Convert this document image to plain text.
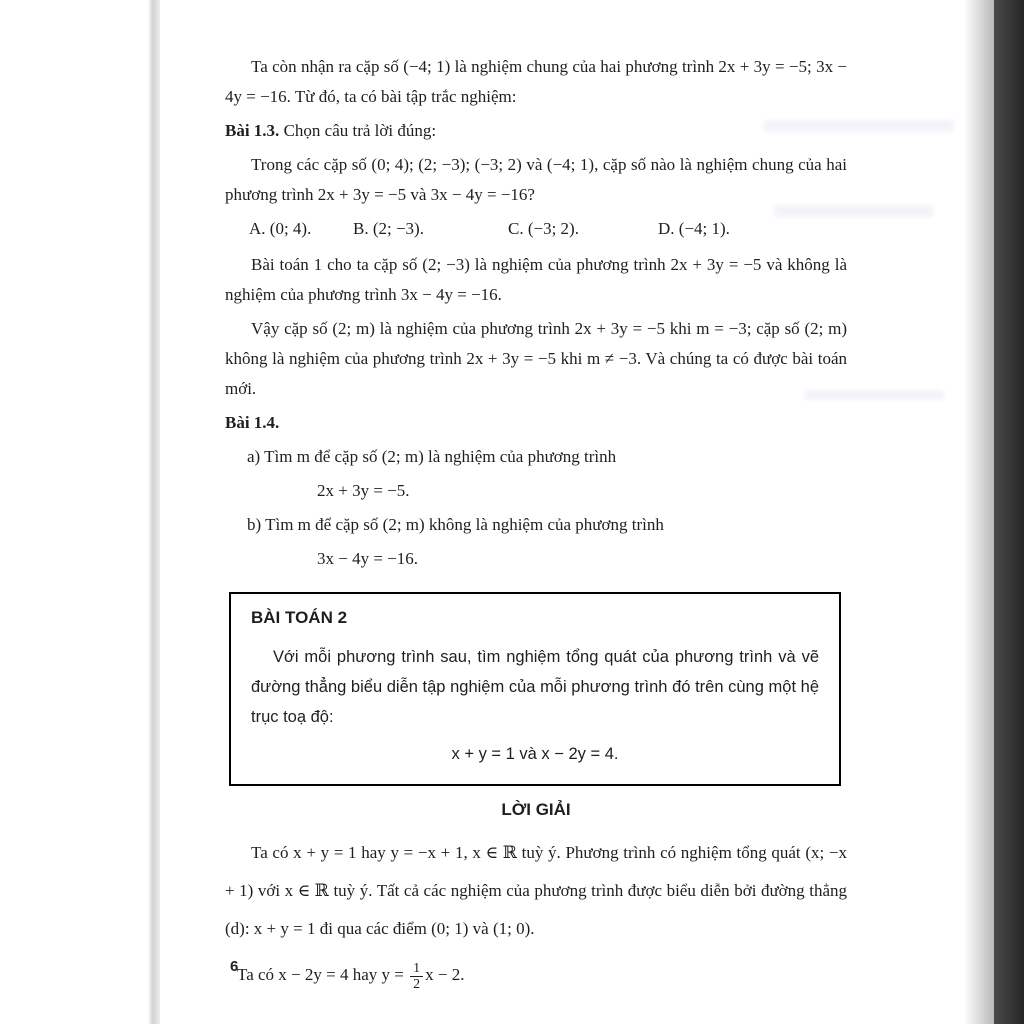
Ta còn nhận ra cặp số (−4; 1) là nghiệm chung của hai phương trình 2x + 3y = −5; 3x − 4y = −16. Từ đó, ta có bài tập trắc nghiệm:

Bài 1.3. Chọn câu trả lời đúng:

Trong các cặp số (0; 4); (2; −3); (−3; 2) và (−4; 1), cặp số nào là nghiệm chung của hai phương trình 2x + 3y = −5 và 3x − 4y = −16?

A. (0; 4).	B. (2; −3).	C. (−3; 2).	D. (−4; 1).

Bài toán 1 cho ta cặp số (2; −3) là nghiệm của phương trình 2x + 3y = −5 và không là nghiệm của phương trình 3x − 4y = −16.

Vậy cặp số (2; m) là nghiệm của phương trình 2x + 3y = −5 khi m = −3; cặp số (2; m) không là nghiệm của phương trình 2x + 3y = −5 khi m ≠ −3. Và chúng ta có được bài toán mới.

Bài 1.4.

a) Tìm m để cặp số (2; m) là nghiệm của phương trình
2x + 3y = −5.
b) Tìm m để cặp số (2; m) không là nghiệm của phương trình
3x − 4y = −16.
BÀI TOÁN 2
Với mỗi phương trình sau, tìm nghiệm tổng quát của phương trình và vẽ đường thẳng biểu diễn tập nghiệm của mỗi phương trình đó trên cùng một hệ trục toạ độ:
x + y = 1 và x − 2y = 4.
LỜI GIẢI

Ta có x + y = 1 hay y = −x + 1, x ∈ ℝ tuỳ ý. Phương trình có nghiệm tổng quát (x; −x + 1) với x ∈ ℝ tuỳ ý. Tất cả các nghiệm của phương trình được biểu diễn bởi đường thẳng (d): x + y = 1 đi qua các điểm (0; 1) và (1; 0).

Ta có x − 2y = 4 hay $y = \frac{1}{2}$ x − 2.
6
